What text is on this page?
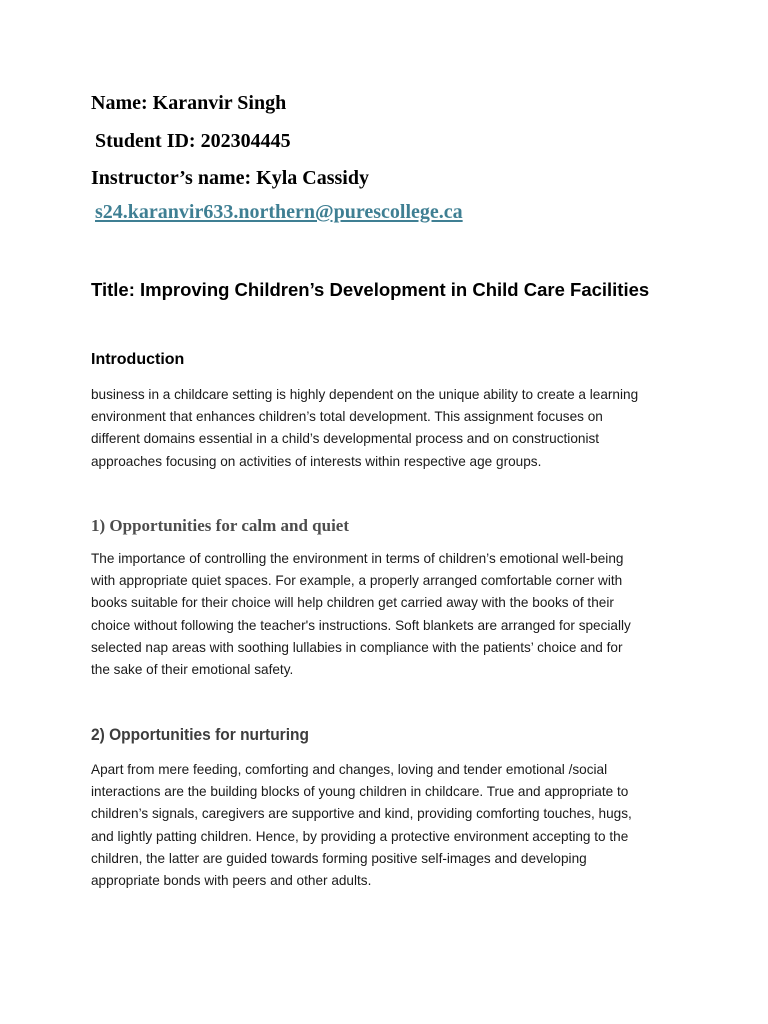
Name: Karanvir Singh

Student ID: 202304445

Instructor’s name: Kyla Cassidy

s24.karanvir633.northern@purescollege.ca
Title: Improving Children’s Development in Child Care Facilities
Introduction

business in a childcare setting is highly dependent on the unique ability to create a learning
environment that enhances children’s total development. This assignment focuses on
different domains essential in a child’s developmental process and on constructionist
approaches focusing on activities of interests within respective age groups.

1) Opportunities for calm and quiet

The importance of controlling the environment in terms of children’s emotional well-being
with appropriate quiet spaces. For example, a properly arranged comfortable corner with
books suitable for their choice will help children get carried away with the books of their
choice without following the teacher's instructions. Soft blankets are arranged for specially
selected nap areas with soothing lullabies in compliance with the patients’ choice and for
the sake of their emotional safety.

2) Opportunities for nurturing

Apart from mere feeding, comforting and changes, loving and tender emotional /social
interactions are the building blocks of young children in childcare. True and appropriate to
children’s signals, caregivers are supportive and kind, providing comforting touches, hugs,
and lightly patting children. Hence, by providing a protective environment accepting to the
children, the latter are guided towards forming positive self-images and developing
appropriate bonds with peers and other adults.
